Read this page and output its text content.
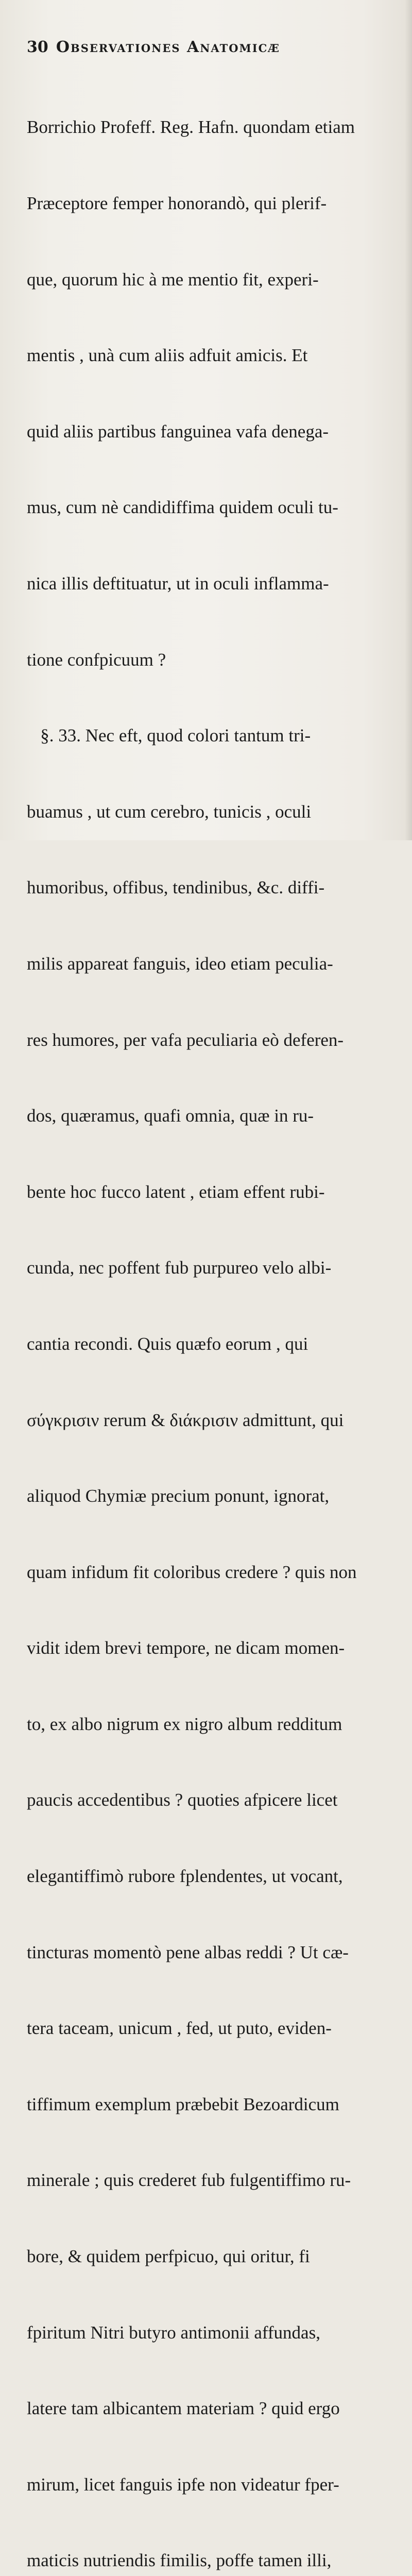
30 Observationes Anatomicæ

Borrichio Profeff. Reg. Hafn. quondam etiam

Præceptore femper honorandò, qui plerif-

que, quorum hic à me mentio fit, experi-

mentis , unà cum aliis adfuit amicis. Et

quid aliis partibus fanguinea vafa denega-

mus, cum nè candidiffima quidem oculi tu-

nica illis deftituatur, ut in oculi inflamma-

tione confpicuum ?

§. 33. Nec eft, quod colori tantum tri-

buamus , ut cum cerebro, tunicis , oculi

humoribus, offibus, tendinibus, &c. diffi-

milis appareat fanguis, ideo etiam peculia-

res humores, per vafa peculiaria eò deferen-

dos, quæramus, quafi omnia, quæ in ru-

bente hoc fucco latent , etiam effent rubi-

cunda, nec poffent fub purpureo velo albi-

cantia recondi. Quis quæfo eorum , qui

σύγκρισιν rerum & διάκρισιν admittunt, qui

aliquod Chymiæ precium ponunt, ignorat,

quam infidum fit coloribus credere ? quis non

vidit idem brevi tempore, ne dicam momen-

to, ex albo nigrum ex nigro album redditum

paucis accedentibus ? quoties afpicere licet

elegantiffimò rubore fplendentes, ut vocant,

tincturas momentò pene albas reddi ? Ut cæ-

tera taceam, unicum , fed, ut puto, eviden-

tiffimum exemplum præbebit Bezoardicum

minerale ; quis crederet fub fulgentiffimo ru-

bore, & quidem perfpicuo, qui oritur, fi

fpiritum Nitri butyro antimonii affundas,

latere tam albicantem materiam ? quid ergo

mirum, licet fanguis ipfe non videatur fper-

maticis nutriendis fimilis, poffe tamen illi,
